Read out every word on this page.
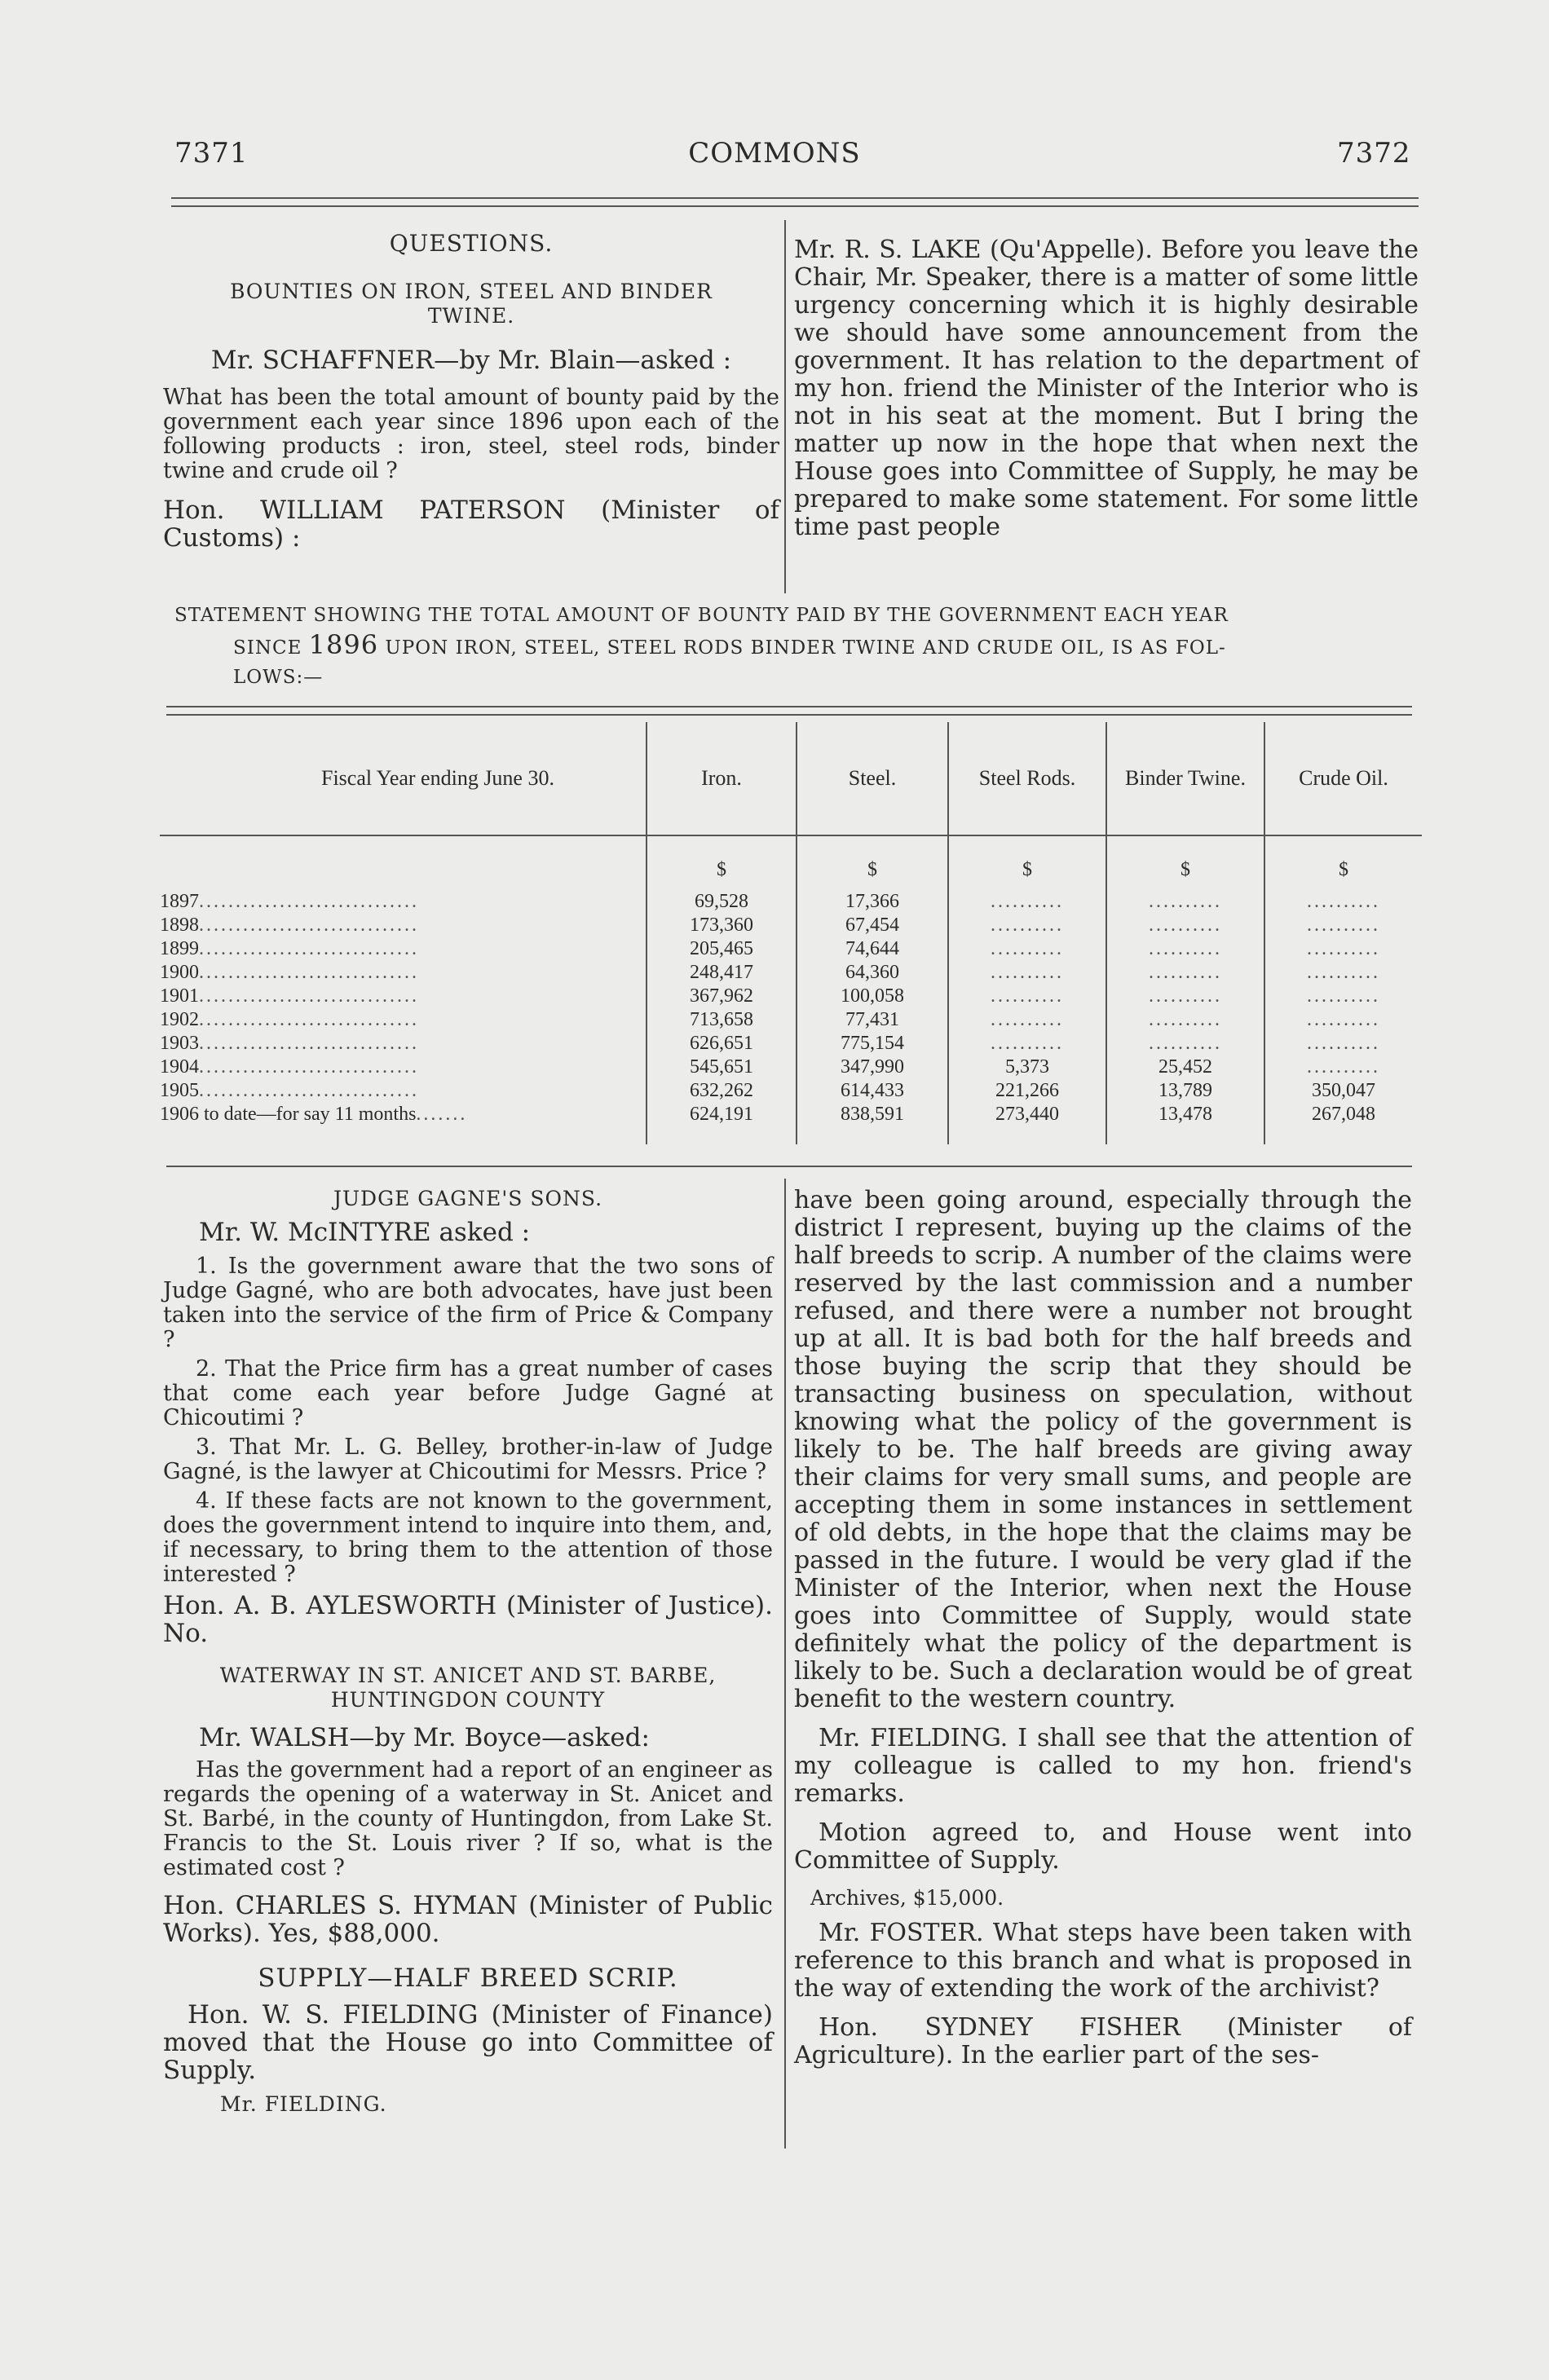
7371	COMMONS	7372

QUESTIONS.

BOUNTIES ON IRON, STEEL AND BINDER TWINE.

Mr. SCHAFFNER—by Mr. Blain—asked :

What has been the total amount of bounty paid by the government each year since 1896 upon each of the following products : iron, steel, steel rods, binder twine and crude oil ?

Hon. WILLIAM PATERSON (Minister of Customs) :

Mr. R. S. LAKE (Qu'Appelle). Before you leave the Chair, Mr. Speaker, there is a matter of some little urgency concerning which it is highly desirable we should have some announcement from the government. It has relation to the department of my hon. friend the Minister of the Interior who is not in his seat at the moment. But I bring the matter up now in the hope that when next the House goes into Committee of Supply, he may be prepared to make some statement. For some little time past people

STATEMENT SHOWING THE TOTAL AMOUNT OF BOUNTY PAID BY THE GOVERNMENT EACH YEAR
SINCE 1896 UPON IRON, STEEL, STEEL RODS BINDER TWINE AND CRUDE OIL, IS AS FOL-
LOWS:—
Fiscal Year ending June 30.	Iron.	Steel.	Steel Rods.	Binder Twine.	Crude Oil.
	$	$	$	$	$
1897..............................	69,528	17,366	..........	..........	..........
1898..............................	173,360	67,454	..........	..........	..........
1899..............................	205,465	74,644	..........	..........	..........
1900..............................	248,417	64,360	..........	..........	..........
1901..............................	367,962	100,058	..........	..........	..........
1902..............................	713,658	77,431	..........	..........	..........
1903..............................	626,651	775,154	..........	..........	..........
1904..............................	545,651	347,990	5,373	25,452	..........
1905..............................	632,262	614,433	221,266	13,789	350,047
1906 to date—for say 11 months.......	624,191	838,591	273,440	13,478	267,048

JUDGE GAGNE'S SONS.

Mr. W. McINTYRE asked :

1. Is the government aware that the two sons of Judge Gagné, who are both advocates, have just been taken into the service of the firm of Price & Company ?

2. That the Price firm has a great number of cases that come each year before Judge Gagné at Chicoutimi ?

3. That Mr. L. G. Belley, brother-in-law of Judge Gagné, is the lawyer at Chicoutimi for Messrs. Price ?

4. If these facts are not known to the government, does the government intend to inquire into them, and, if necessary, to bring them to the attention of those interested ?

Hon. A. B. AYLESWORTH (Minister of Justice). No.

WATERWAY IN ST. ANICET AND ST. BARBE, HUNTINGDON COUNTY

Mr. WALSH—by Mr. Boyce—asked:

Has the government had a report of an engineer as regards the opening of a waterway in St. Anicet and St. Barbé, in the county of Huntingdon, from Lake St. Francis to the St. Louis river ? If so, what is the estimated cost ?

Hon. CHARLES S. HYMAN (Minister of Public Works). Yes, $88,000.

SUPPLY—HALF BREED SCRIP.

Hon. W. S. FIELDING (Minister of Finance) moved that the House go into Committee of Supply.

Mr. FIELDING.

have been going around, especially through the district I represent, buying up the claims of the half breeds to scrip. A number of the claims were reserved by the last commission and a number refused, and there were a number not brought up at all. It is bad both for the half breeds and those buying the scrip that they should be transacting business on speculation, without knowing what the policy of the government is likely to be. The half breeds are giving away their claims for very small sums, and people are accepting them in some instances in settlement of old debts, in the hope that the claims may be passed in the future. I would be very glad if the Minister of the Interior, when next the House goes into Committee of Supply, would state definitely what the policy of the department is likely to be. Such a declaration would be of great benefit to the western country.

Mr. FIELDING. I shall see that the attention of my colleague is called to my hon. friend's remarks.

Motion agreed to, and House went into Committee of Supply.

Archives, $15,000.

Mr. FOSTER. What steps have been taken with reference to this branch and what is proposed in the way of extending the work of the archivist?

Hon. SYDNEY FISHER (Minister of Agriculture). In the earlier part of the ses-
